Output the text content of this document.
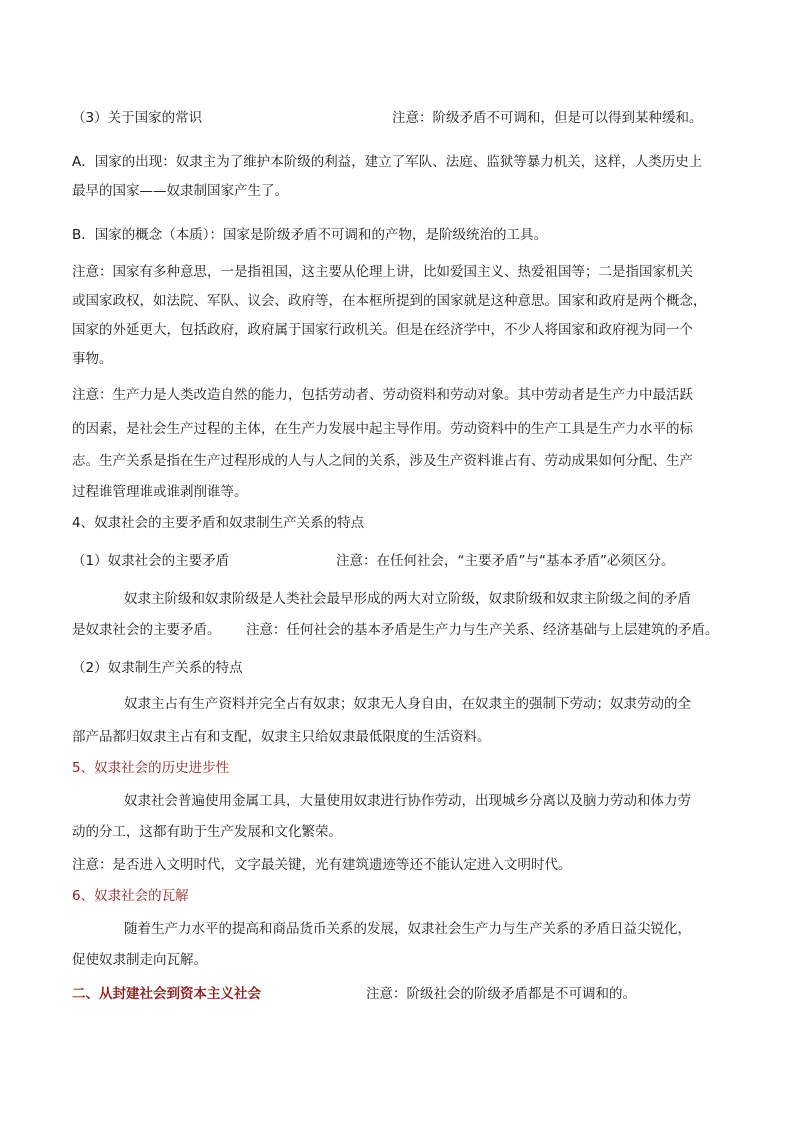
（3）关于国家的常识	注意：阶级矛盾不可调和，但是可以得到某种缓和。
A．国家的出现：奴隶主为了维护本阶级的利益，建立了军队、法庭、监狱等暴力机关，这样，人类历史上
最早的国家——奴隶制国家产生了。
B．国家的概念（本质）：国家是阶级矛盾不可调和的产物，是阶级统治的工具。
注意：国家有多种意思，一是指祖国，这主要从伦理上讲，比如爱国主义、热爱祖国等；二是指国家机关
或国家政权，如法院、军队、议会、政府等，在本框所提到的国家就是这种意思。国家和政府是两个概念，
国家的外延更大，包括政府，政府属于国家行政机关。但是在经济学中，不少人将国家和政府视为同一个
事物。
注意：生产力是人类改造自然的能力，包括劳动者、劳动资料和劳动对象。其中劳动者是生产力中最活跃
的因素，是社会生产过程的主体，在生产力发展中起主导作用。劳动资料中的生产工具是生产力水平的标
志。生产关系是指在生产过程形成的人与人之间的关系，涉及生产资料谁占有、劳动成果如何分配、生产
过程谁管理谁或谁剥削谁等。
4、奴隶社会的主要矛盾和奴隶制生产关系的特点
（1）奴隶社会的主要矛盾	注意：在任何社会，“主要矛盾”与“基本矛盾”必须区分。
奴隶主阶级和奴隶阶级是人类社会最早形成的两大对立阶级，奴隶阶级和奴隶主阶级之间的矛盾
是奴隶社会的主要矛盾。	注意：任何社会的基本矛盾是生产力与生产关系、经济基础与上层建筑的矛盾。
（2）奴隶制生产关系的特点
奴隶主占有生产资料并完全占有奴隶；奴隶无人身自由，在奴隶主的强制下劳动；奴隶劳动的全
部产品都归奴隶主占有和支配，奴隶主只给奴隶最低限度的生活资料。
5、奴隶社会的历史进步性
奴隶社会普遍使用金属工具，大量使用奴隶进行协作劳动，出现城乡分离以及脑力劳动和体力劳
动的分工，这都有助于生产发展和文化繁荣。
注意：是否进入文明时代，文字最关键，光有建筑遗迹等还不能认定进入文明时代。
6、奴隶社会的瓦解
随着生产力水平的提高和商品货币关系的发展，奴隶社会生产力与生产关系的矛盾日益尖锐化，
促使奴隶制走向瓦解。
二、从封建社会到资本主义社会	注意：阶级社会的阶级矛盾都是不可调和的。
